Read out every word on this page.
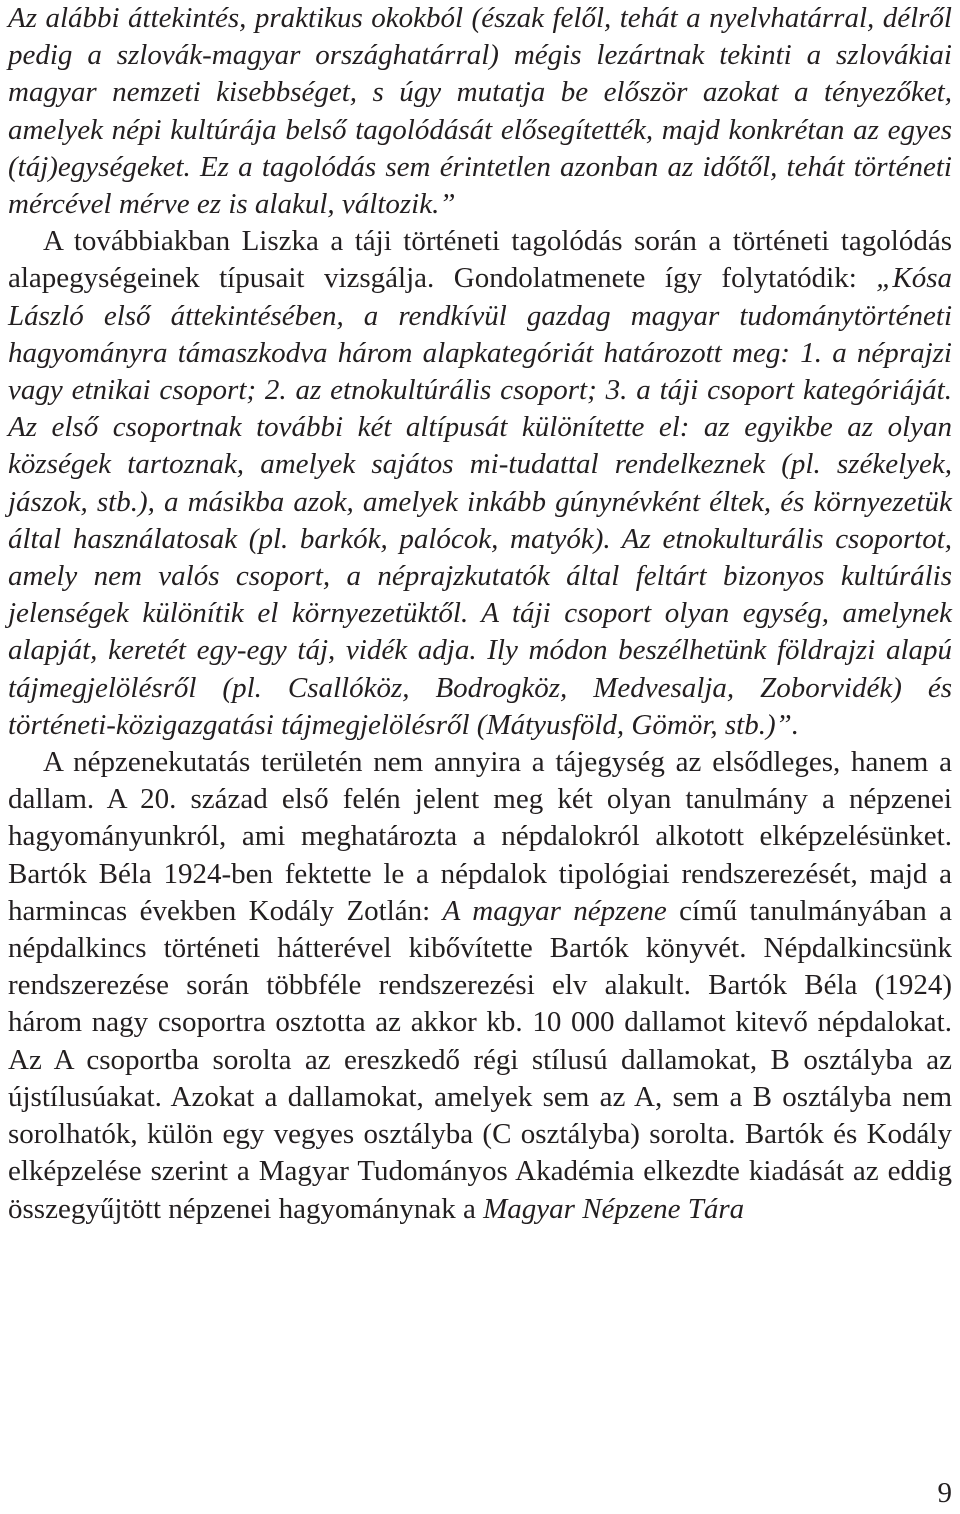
Az alábbi áttekintés, praktikus okokból (észak felől, tehát a nyelvhatárral, délről pedig a szlovák-magyar országhatárral) mégis lezártnak tekinti a szlovákiai magyar nemzeti kisebbséget, s úgy mutatja be először azokat a tényezőket, amelyek népi kultúrája belső tagolódását elősegítették, majd konkrétan az egyes (táj)egységeket. Ez a tagolódás sem érintetlen azonban az időtől, tehát történeti mércével mérve ez is alakul, változik.”

A továbbiakban Liszka a táji történeti tagolódás során a történeti tagolódás alapegységeinek típusait vizsgálja. Gondolatmenete így folytatódik: „Kósa László első áttekintésében, a rendkívül gazdag magyar tudománytörténeti hagyományra támaszkodva három alapkategóriát határozott meg: 1. a néprajzi vagy etnikai csoport; 2. az etnokultúrális csoport; 3. a táji csoport kategóriáját. Az első csoportnak további két altípusát különítette el: az egyikbe az olyan községek tartoznak, amelyek sajátos mi-tudattal rendelkeznek (pl. székelyek, jászok, stb.), a másikba azok, amelyek inkább gúnynévként éltek, és környezetük által használatosak (pl. barkók, palócok, matyók). Az etnokulturális csoportot, amely nem valós csoport, a néprajzkutatók által feltárt bizonyos kultúrális jelenségek különítik el környezetüktől. A táji csoport olyan egység, amelynek alapját, keretét egy-egy táj, vidék adja. Ily módon beszélhetünk földrajzi alapú tájmegjelölésről (pl. Csallóköz, Bodrogköz, Medvesalja, Zoborvidék) és történeti-közigazgatási tájmegjelölésről (Mátyusföld, Gömör, stb.)”.

A népzenekutatás területén nem annyira a tájegység az elsődleges, hanem a dallam. A 20. század első felén jelent meg két olyan tanulmány a népzenei hagyományunkról, ami meghatározta a népdalokról alkotott elképzelésünket. Bartók Béla 1924-ben fektette le a népdalok tipológiai rendszerezését, majd a harmincas években Kodály Zotlán: A magyar népzene című tanulmányában a népdalkincs történeti hátterével kibővítette Bartók könyvét. Népdalkincsünk rendszerezése során többféle rendszerezési elv alakult. Bartók Béla (1924) három nagy csoportra osztotta az akkor kb. 10 000 dallamot kitevő népdalokat. Az A csoportba sorolta az ereszkedő régi stílusú dallamokat, B osztályba az újstílusúakat. Azokat a dallamokat, amelyek sem az A, sem a B osztályba nem sorolhatók, külön egy vegyes osztályba (C osztályba) sorolta. Bartók és Kodály elképzelése szerint a Magyar Tudományos Akadémia elkezdte kiadását az eddig összegyűjtött népzenei hagyománynak a Magyar Népzene Tára

9
